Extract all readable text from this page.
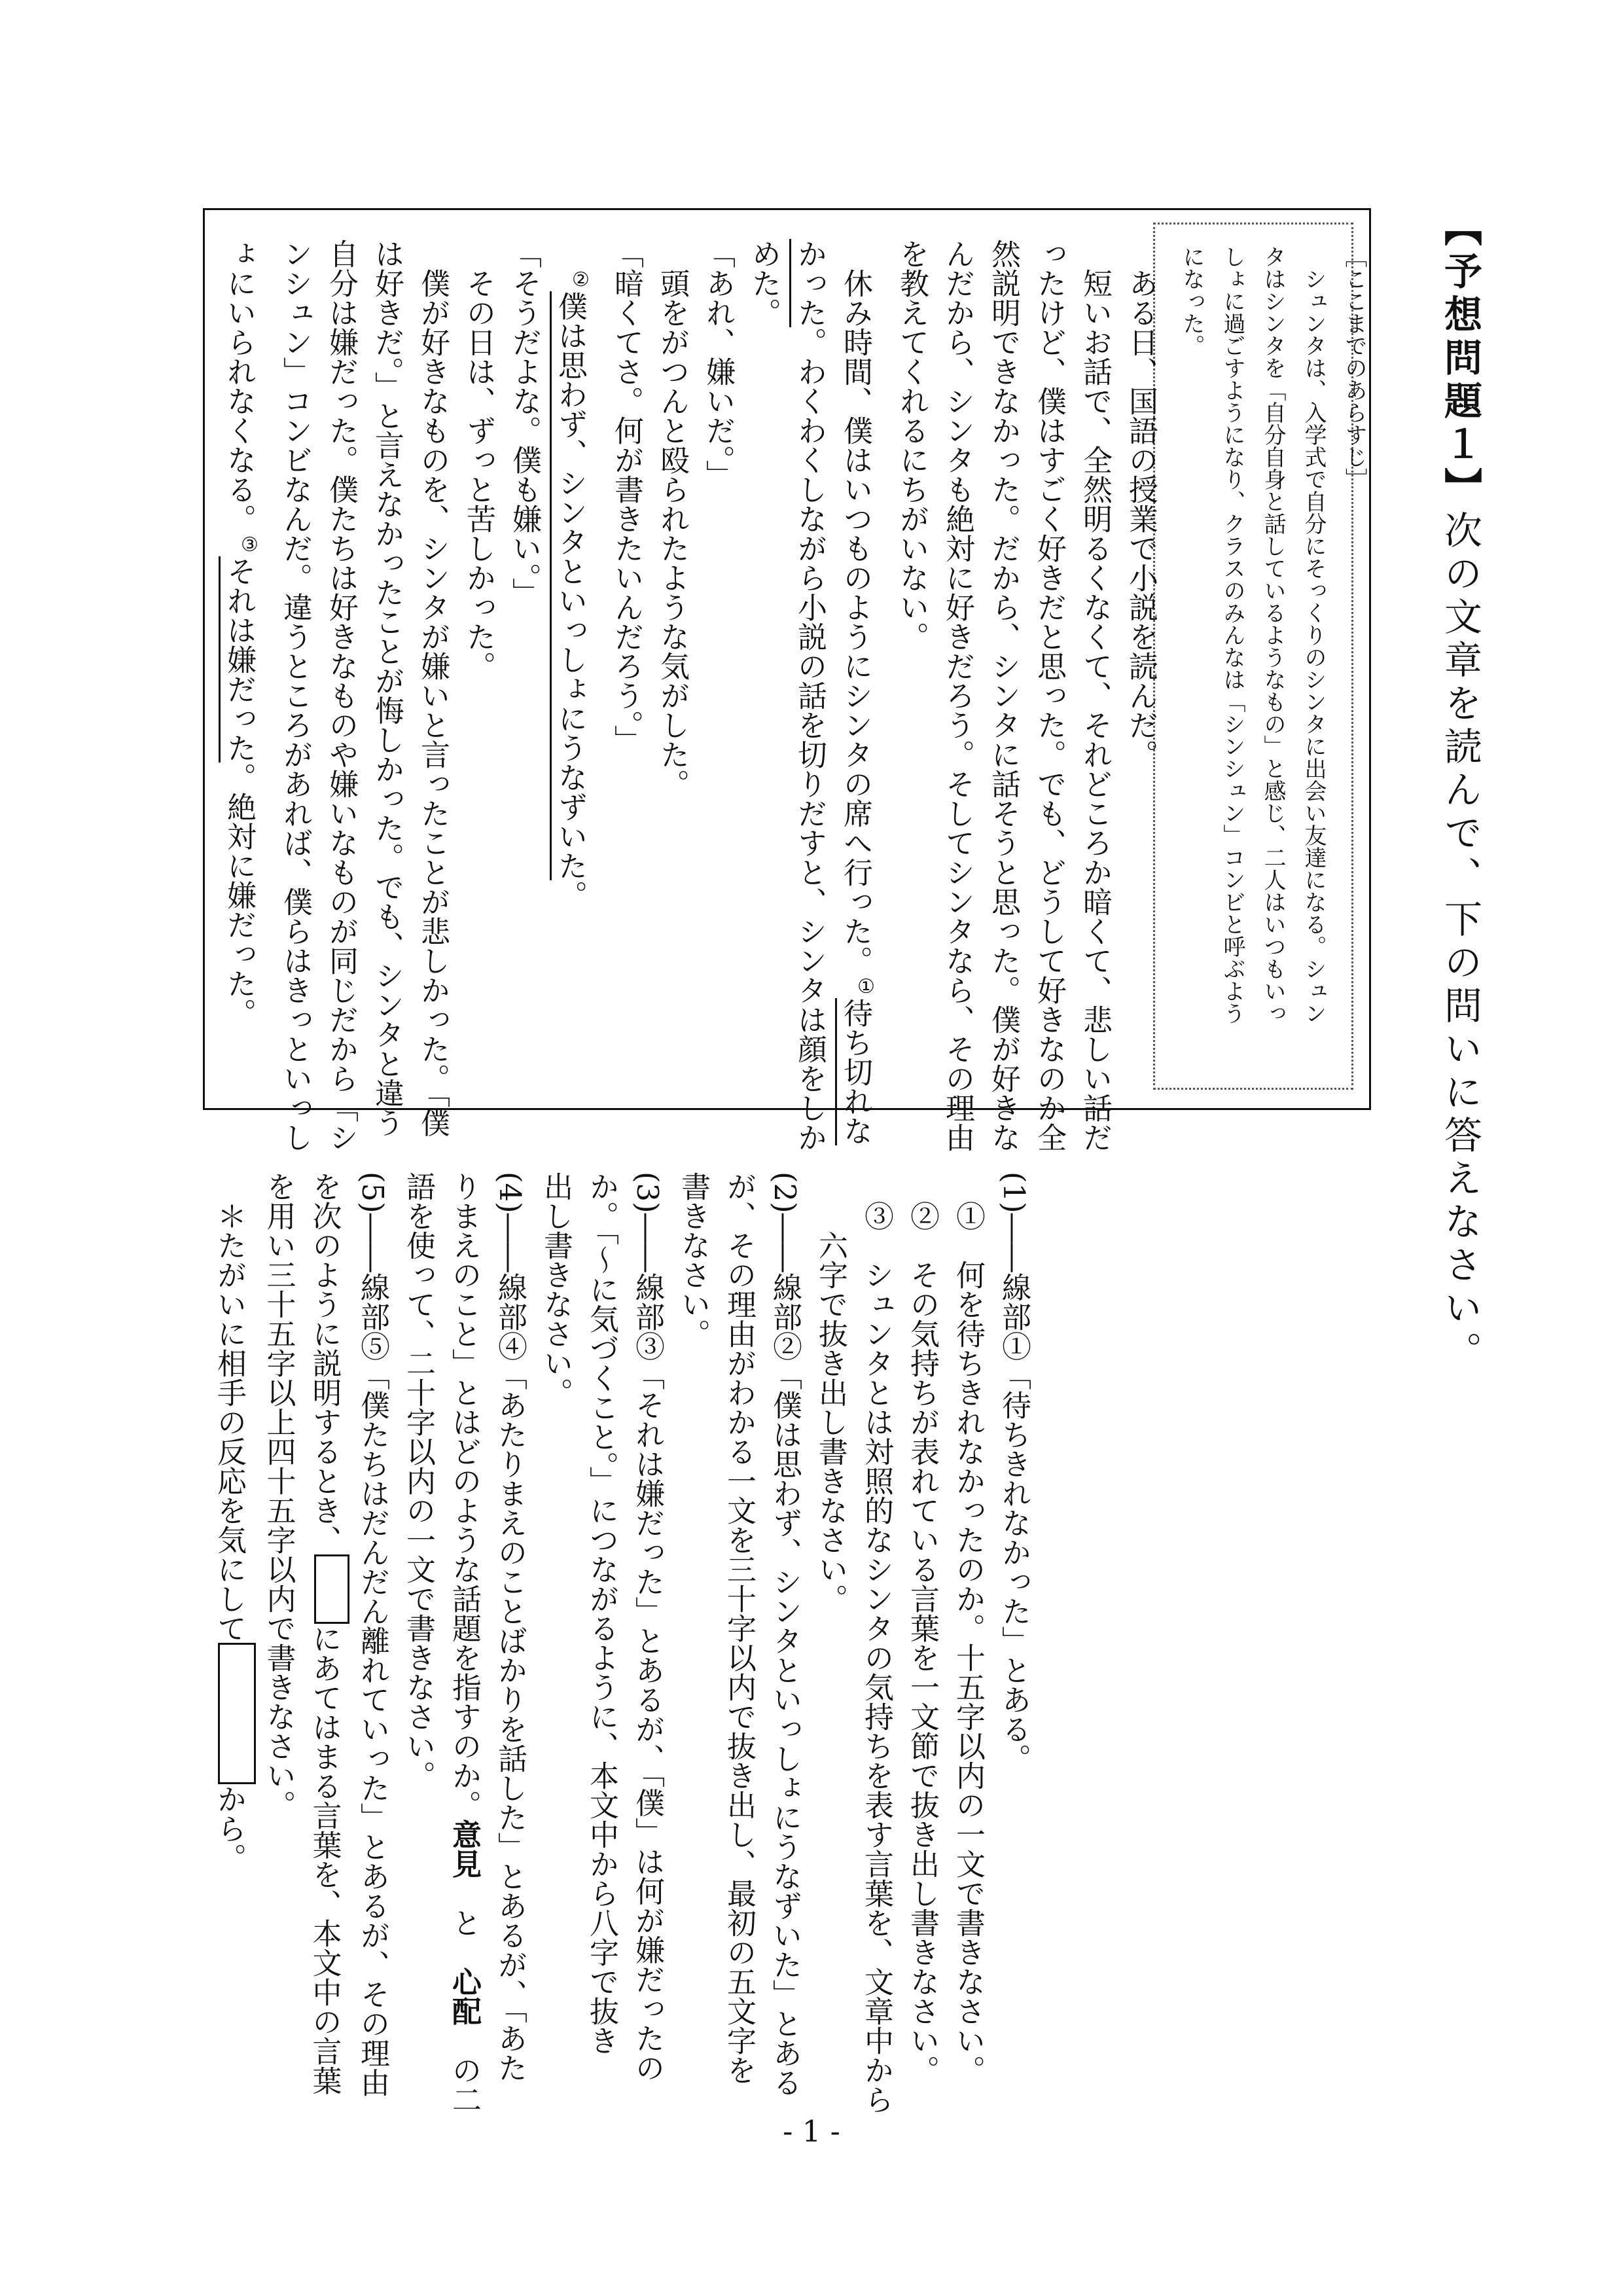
【予想問題１】次の文章を読んで、下の問いに答えなさい。
［ここまでのあらすじ］
　シュンタは、入学式で自分にそっくりのシンタに出会い友達になる。シュン
タはシンタを「自分自身と話しているようなもの」と感じ、二人はいつもいっ
しょに過ごすようになり、クラスのみんなは「シンシュン」コンビと呼ぶよう
になった。
　ある日、国語の授業で小説を読んだ。
　短いお話で、全然明るくなくて、それどころか暗くて、悲しい話だ
ったけど、僕はすごく好きだと思った。でも、どうして好きなのか全
然説明できなかった。だから、シンタに話そうと思った。僕が好きな
んだから、シンタも絶対に好きだろう。そしてシンタなら、その理由
を教えてくれるにちがいない。
　休み時間、僕はいつものようにシンタの席へ行った。①待ち切れな
かった。わくわくしながら小説の話を切りだすと、シンタは顔をしか
めた。
「あれ、嫌いだ。」
　頭をがつんと殴られたような気がした。
「暗くてさ。何が書きたいんだろう。」
　②僕は思わず、シンタといっしょにうなずいた。
「そうだよな。僕も嫌い。」
　その日は、ずっと苦しかった。
　僕が好きなものを、シンタが嫌いと言ったことが悲しかった。「僕
は好きだ。」と言えなかったことが悔しかった。でも、シンタと違う
自分は嫌だった。僕たちは好きなものや嫌いなものが同じだから「シ
ンシュン」コンビなんだ。違うところがあれば、僕らはきっといっし
ょにいられなくなる。③それは嫌だった。絶対に嫌だった。
(1)――線部①「待ちきれなかった」とある。
　①　何を待ちきれなかったのか。十五字以内の一文で書きなさい。
　②　その気持ちが表れている言葉を一文節で抜き出し書きなさい。
　③　シュンタとは対照的なシンタの気持ちを表す言葉を、文章中から
　　六字で抜き出し書きなさい。
(2)――線部②「僕は思わず、シンタといっしょにうなずいた」とある
が、その理由がわかる一文を三十字以内で抜き出し、最初の五文字を
書きなさい。
(3)――線部③「それは嫌だった」とあるが、「僕」は何が嫌だったの
か。「～に気づくこと。」につながるように、本文中から八字で抜き
出し書きなさい。
(4)――線部④「あたりまえのことばかりを話した」とあるが、「あた
りまえのこと」とはどのような話題を指すのか。意見　と　心配　の二
語を使って、二十字以内の一文で書きなさい。
(5)――線部⑤「僕たちはだんだん離れていった」とあるが、その理由
を次のように説明するとき、にあてはまる言葉を、本文中の言葉
を用い三十五字以上四十五字以内で書きなさい。
　＊たがいに相手の反応を気にしてから。
- 1 -
